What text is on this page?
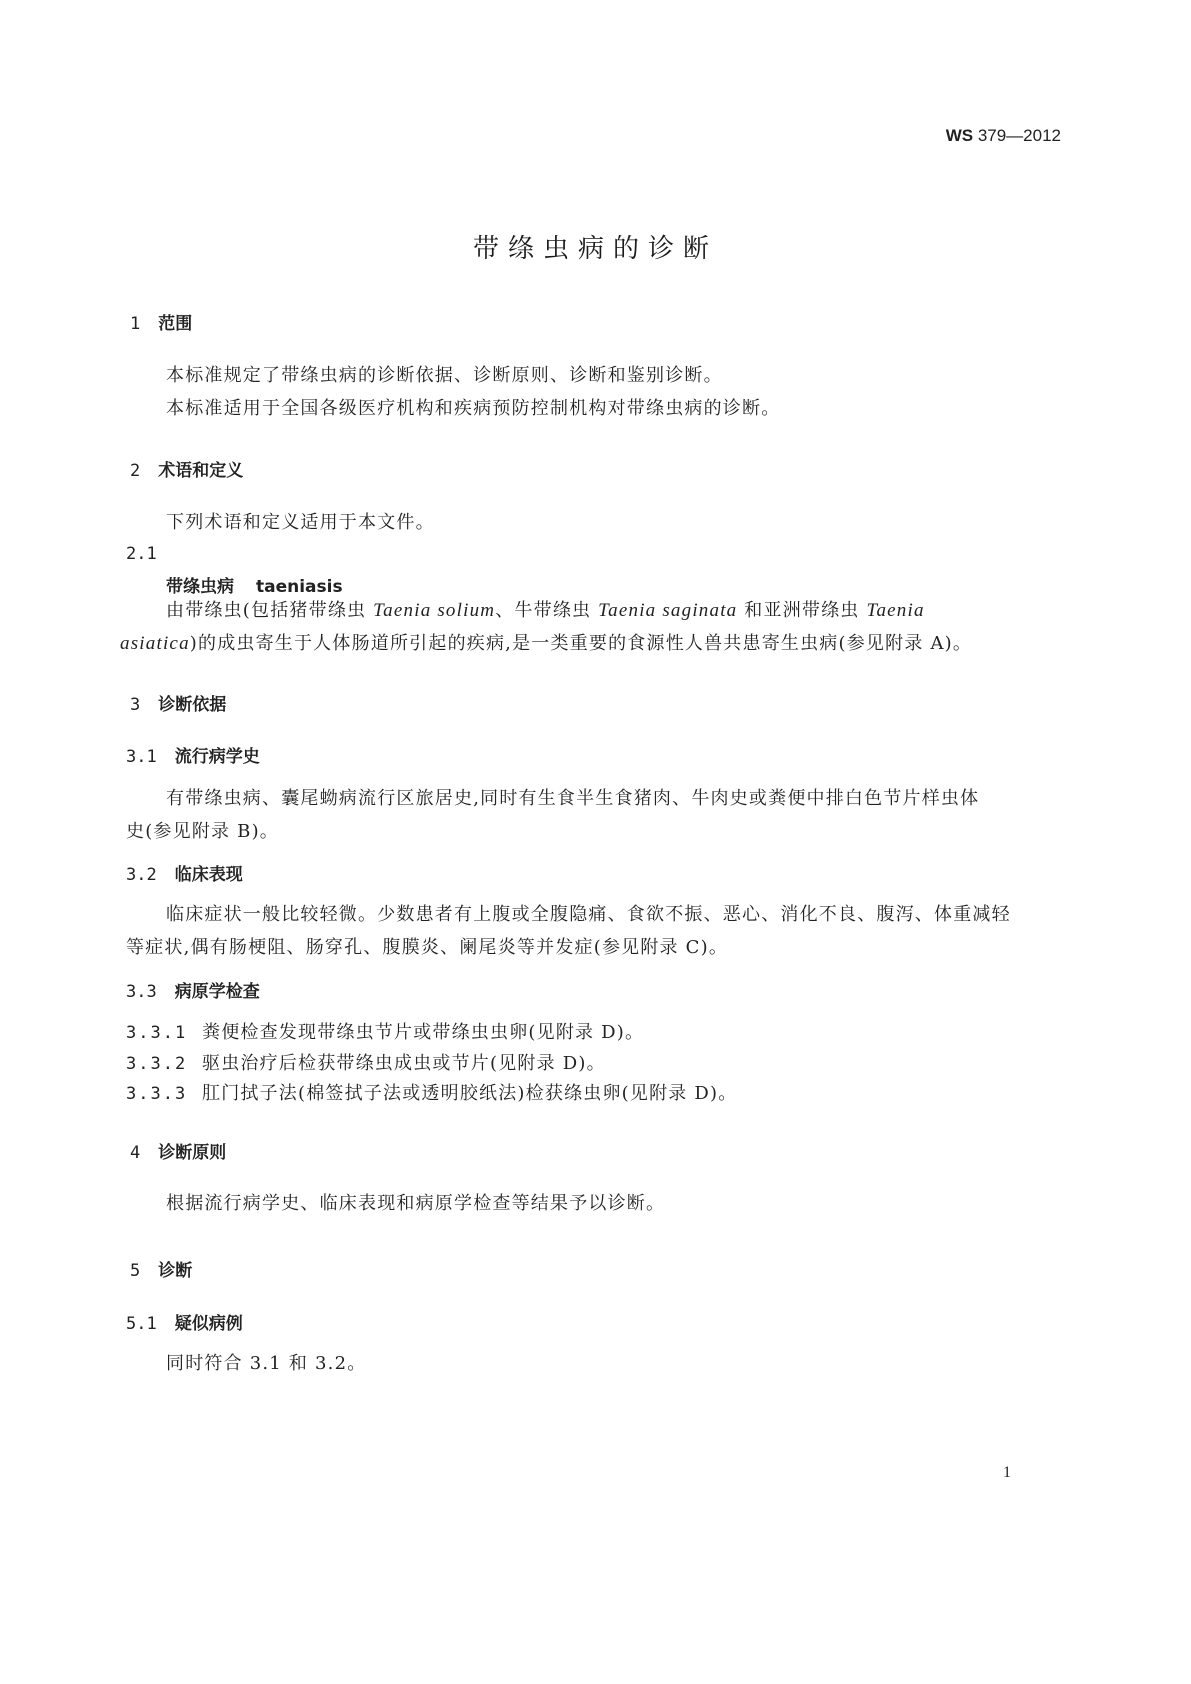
WS 379—2012
带绦虫病的诊断
1 范围
本标准规定了带绦虫病的诊断依据、诊断原则、诊断和鉴别诊断。
本标准适用于全国各级医疗机构和疾病预防控制机构对带绦虫病的诊断。
2 术语和定义
下列术语和定义适用于本文件。
2.1
带绦虫病 taeniasis
由带绦虫(包括猪带绦虫 Taenia solium、牛带绦虫 Taenia saginata 和亚洲带绦虫 Taenia
asiatica)的成虫寄生于人体肠道所引起的疾病,是一类重要的食源性人兽共患寄生虫病(参见附录 A)。
3 诊断依据
3.1 流行病学史
有带绦虫病、囊尾蚴病流行区旅居史,同时有生食半生食猪肉、牛肉史或粪便中排白色节片样虫体
史(参见附录 B)。
3.2 临床表现
临床症状一般比较轻微。少数患者有上腹或全腹隐痛、食欲不振、恶心、消化不良、腹泻、体重减轻
等症状,偶有肠梗阻、肠穿孔、腹膜炎、阑尾炎等并发症(参见附录 C)。
3.3 病原学检查
3.3.1 粪便检查发现带绦虫节片或带绦虫虫卵(见附录 D)。
3.3.2 驱虫治疗后检获带绦虫成虫或节片(见附录 D)。
3.3.3 肛门拭子法(棉签拭子法或透明胶纸法)检获绦虫卵(见附录 D)。
4 诊断原则
根据流行病学史、临床表现和病原学检查等结果予以诊断。
5 诊断
5.1 疑似病例
同时符合 3.1 和 3.2。
1
